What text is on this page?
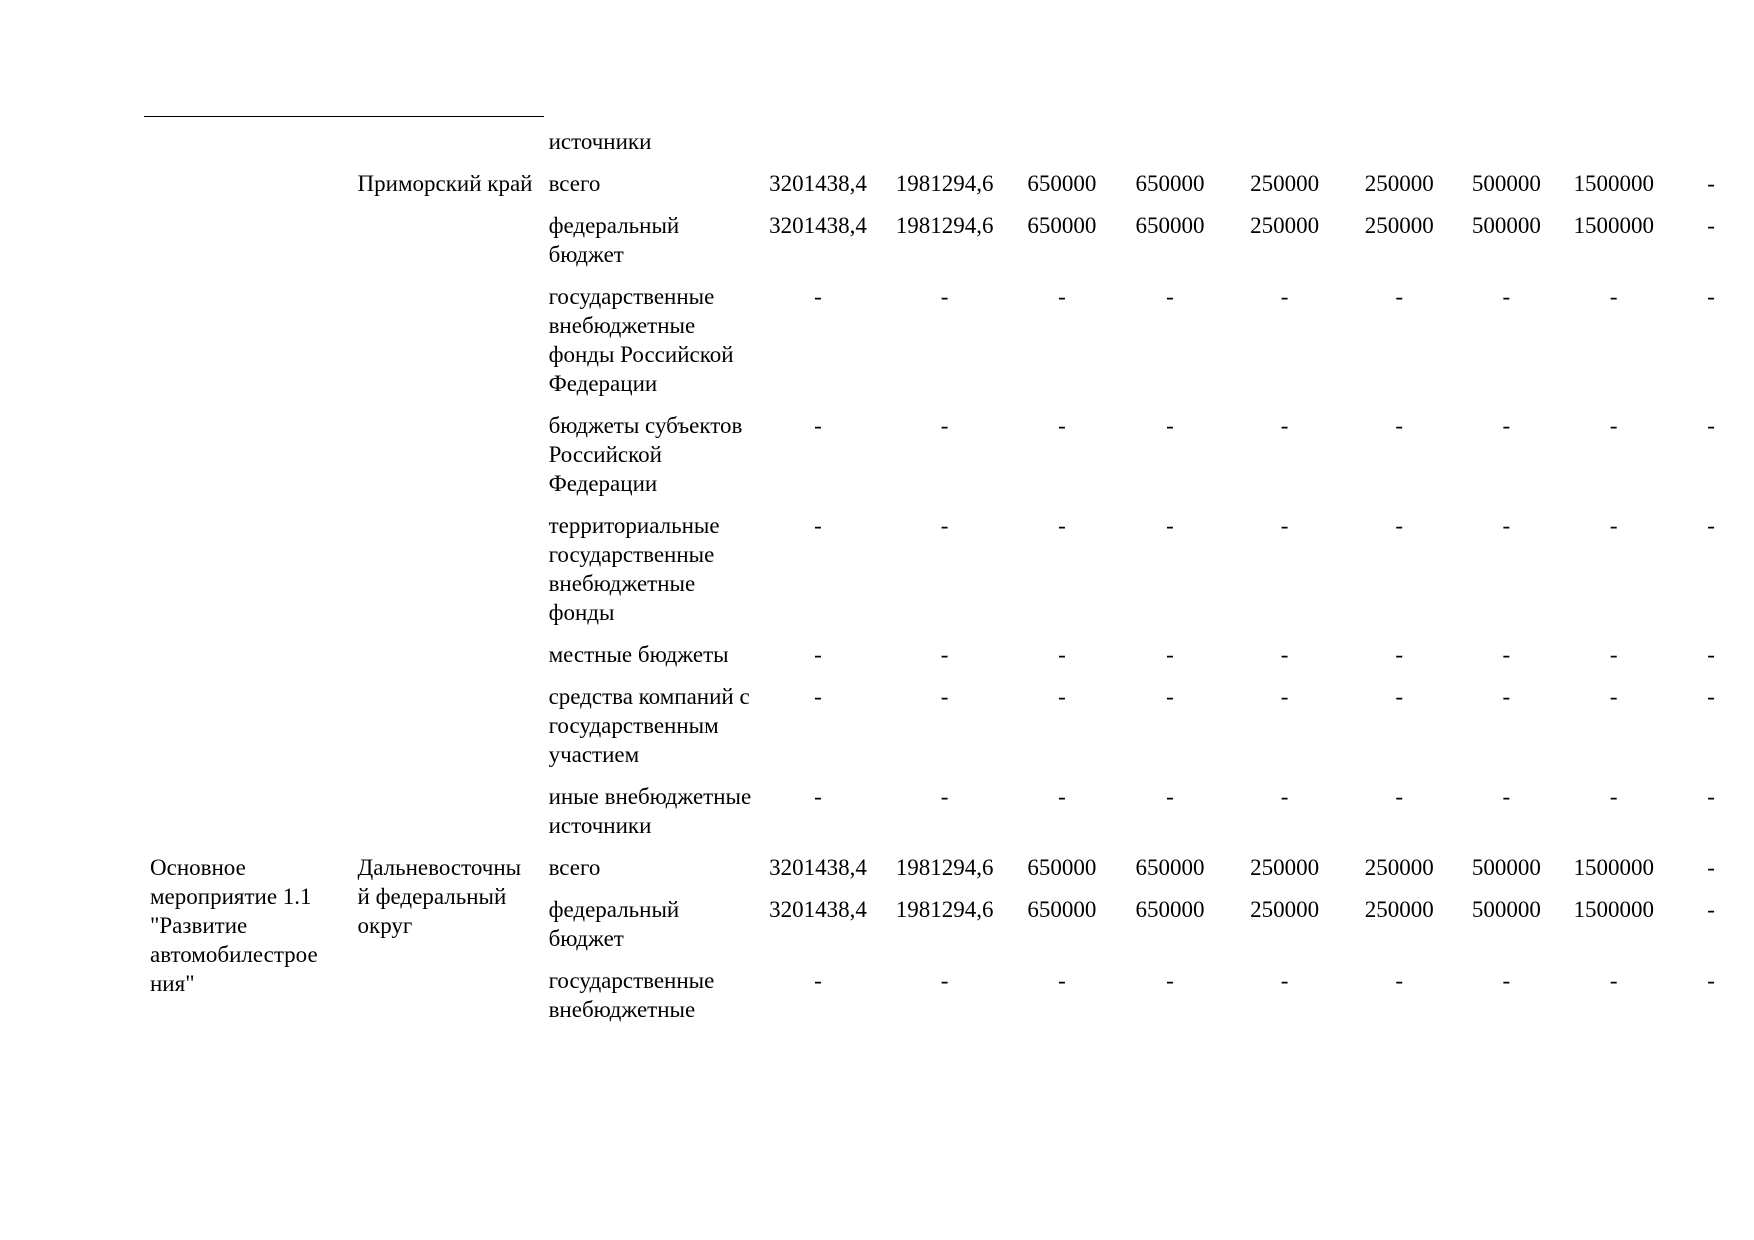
		источники									
	Приморский край	всего	3201438,4	1981294,6	650000	650000	250000	250000	500000	1500000	-
		федеральный бюджет	3201438,4	1981294,6	650000	650000	250000	250000	500000	1500000	-
		государственные внебюджетные фонды Российской Федерации	-	-	-	-	-	-	-	-	-
		бюджеты субъектов Российской Федерации	-	-	-	-	-	-	-	-	-
		территориальные государственные внебюджетные фонды	-	-	-	-	-	-	-	-	-
		местные бюджеты	-	-	-	-	-	-	-	-	-
		средства компаний с государственным участием	-	-	-	-	-	-	-	-	-
		иные внебюджетные источники	-	-	-	-	-	-	-	-	-
Основное мероприятие 1.1 "Развитие автомобилестрое ния"	Дальневосточны й федеральный округ	всего	3201438,4	1981294,6	650000	650000	250000	250000	500000	1500000	-
		федеральный бюджет	3201438,4	1981294,6	650000	650000	250000	250000	500000	1500000	-
		государственные внебюджетные	-	-	-	-	-	-	-	-	-
